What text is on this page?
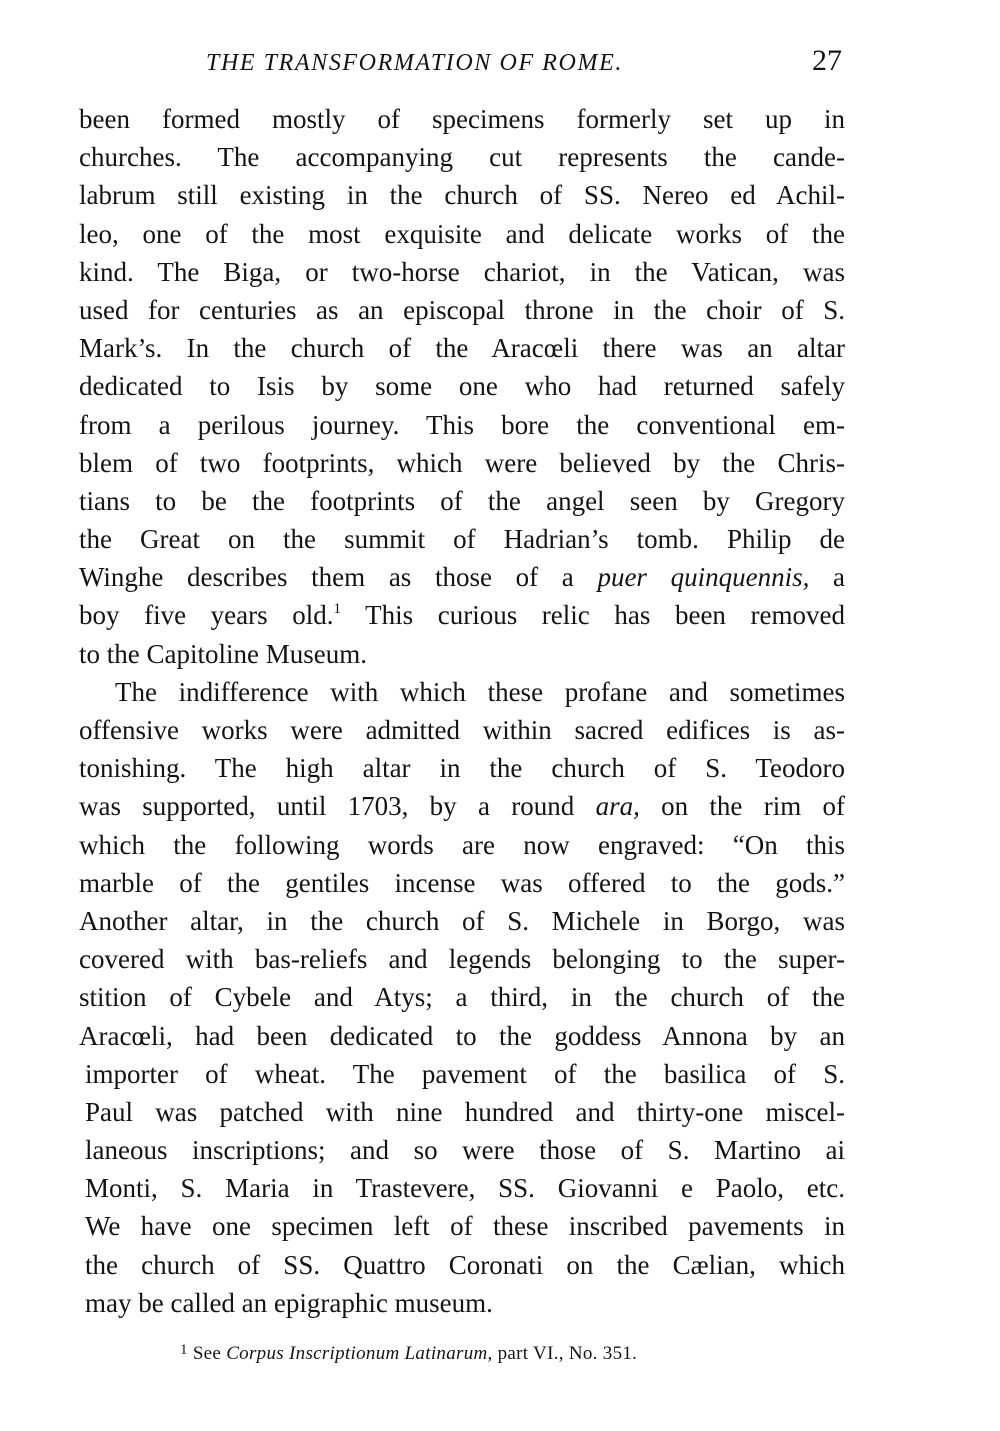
THE TRANSFORMATION OF ROME.	27
been formed mostly of specimens formerly set up in
churches. The accompanying cut represents the cande-
labrum still existing in the church of SS. Nereo ed Achil-
leo, one of the most exquisite and delicate works of the
kind. The Biga, or two-horse chariot, in the Vatican, was
used for centuries as an episcopal throne in the choir of S.
Mark’s. In the church of the Aracœli there was an altar
dedicated to Isis by some one who had returned safely
from a perilous journey. This bore the conventional em-
blem of two footprints, which were believed by the Chris-
tians to be the footprints of the angel seen by Gregory
the Great on the summit of Hadrian’s tomb. Philip de
Winghe describes them as those of a puer quinquennis, a
boy five years old.$^1$ This curious relic has been removed
to the Capitoline Museum.
The indifference with which these profane and sometimes
offensive works were admitted within sacred edifices is as-
tonishing. The high altar in the church of S. Teodoro
was supported, until 1703, by a round ara, on the rim of
which the following words are now engraved: “On this
marble of the gentiles incense was offered to the gods.”
Another altar, in the church of S. Michele in Borgo, was
covered with bas-reliefs and legends belonging to the super-
stition of Cybele and Atys; a third, in the church of the
Aracœli, had been dedicated to the goddess Annona by an
importer of wheat. The pavement of the basilica of S.
Paul was patched with nine hundred and thirty-one miscel-
laneous inscriptions; and so were those of S. Martino ai
Monti, S. Maria in Trastevere, SS. Giovanni e Paolo, etc.
We have one specimen left of these inscribed pavements in
the church of SS. Quattro Coronati on the Cælian, which
may be called an epigraphic museum.
$^1$ See Corpus Inscriptionum Latinarum, part VI., No. 351.
